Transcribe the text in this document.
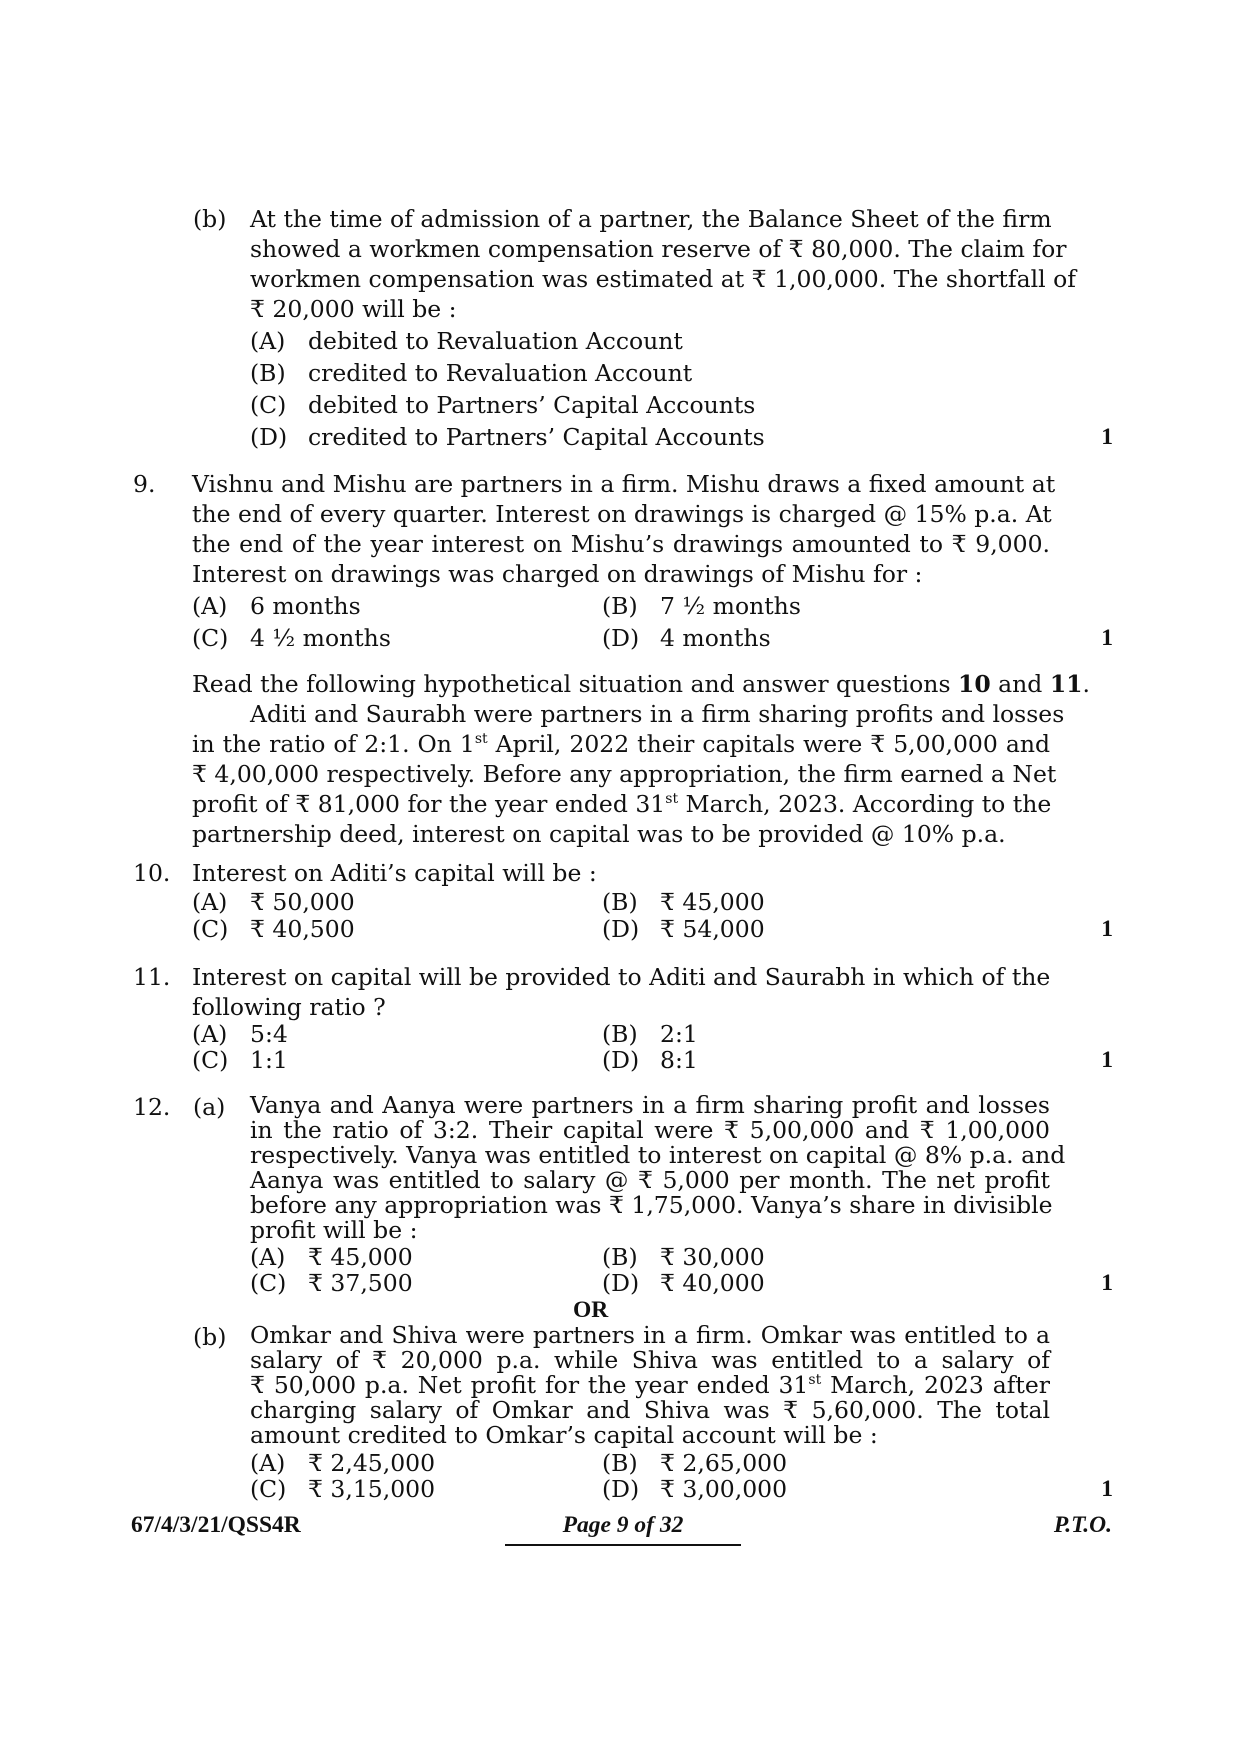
(b) At the time of admission of a partner, the Balance Sheet of the firm
showed a workmen compensation reserve of ₹ 80,000. The claim for
workmen compensation was estimated at ₹ 1,00,000. The shortfall of
₹ 20,000 will be :
(A) debited to Revaluation Account
(B) credited to Revaluation Account
(C) debited to Partners’ Capital Accounts
(D) credited to Partners’ Capital Accounts	1
9. Vishnu and Mishu are partners in a firm. Mishu draws a fixed amount at
the end of every quarter. Interest on drawings is charged @ 15% p.a. At
the end of the year interest on Mishu’s drawings amounted to ₹ 9,000.
Interest on drawings was charged on drawings of Mishu for :
(A) 6 months	(B) 7 ½ months
(C) 4 ½ months	(D) 4 months	1
Read the following hypothetical situation and answer questions 10 and 11.
Aditi and Saurabh were partners in a firm sharing profits and losses
in the ratio of 2:1. On 1st April, 2022 their capitals were ₹ 5,00,000 and
₹ 4,00,000 respectively. Before any appropriation, the firm earned a Net
profit of ₹ 81,000 for the year ended 31st March, 2023. According to the
partnership deed, interest on capital was to be provided @ 10% p.a.
10. Interest on Aditi’s capital will be :
(A) ₹ 50,000	(B) ₹ 45,000
(C) ₹ 40,500	(D) ₹ 54,000	1
11. Interest on capital will be provided to Aditi and Saurabh in which of the
following ratio ?
(A) 5:4	(B) 2:1
(C) 1:1	(D) 8:1	1
12. (a) Vanya and Aanya were partners in a firm sharing profit and losses
in the ratio of 3:2. Their capital were ₹ 5,00,000 and ₹ 1,00,000
respectively. Vanya was entitled to interest on capital @ 8% p.a. and
Aanya was entitled to salary @ ₹ 5,000 per month. The net profit
before any appropriation was ₹ 1,75,000. Vanya’s share in divisible
profit will be :
(A) ₹ 45,000	(B) ₹ 30,000
(C) ₹ 37,500	(D) ₹ 40,000	1
OR
(b) Omkar and Shiva were partners in a firm. Omkar was entitled to a
salary of ₹ 20,000 p.a. while Shiva was entitled to a salary of
₹ 50,000 p.a. Net profit for the year ended 31st March, 2023 after
charging salary of Omkar and Shiva was ₹ 5,60,000. The total
amount credited to Omkar’s capital account will be :
(A) ₹ 2,45,000	(B) ₹ 2,65,000
(C) ₹ 3,15,000	(D) ₹ 3,00,000	1
67/4/3/21/QSS4R	Page 9 of 32	P.T.O.
